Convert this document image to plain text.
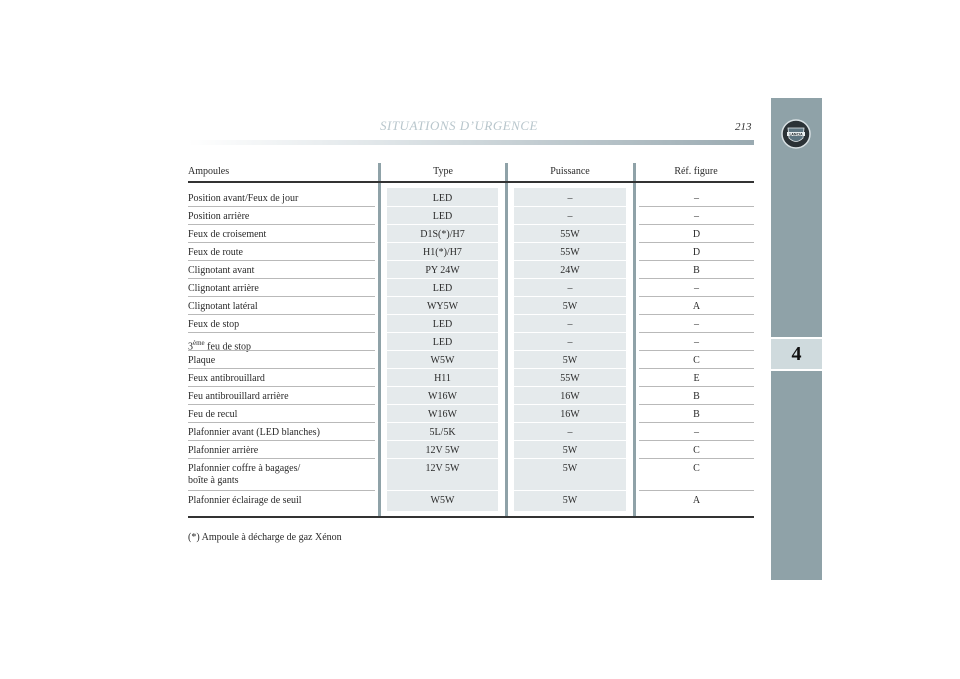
SITUATIONS D’URGENCE	213
LANCIA
4
Ampoules	Type	Puissance	Réf. figure
Position avant/Feux de jour	LED	–	–
Position arrière	LED	–	–
Feux de croisement	D1S(*)/H7	55W	D
Feux de route	H1(*)/H7	55W	D
Clignotant avant	PY 24W	24W	B
Clignotant arrière	LED	–	–
Clignotant latéral	WY5W	5W	A
Feux de stop	LED	–	–
3ème feu de stop	LED	–	–
Plaque	W5W	5W	C
Feux antibrouillard	H11	55W	E
Feu antibrouillard arrière	W16W	16W	B
Feu de recul	W16W	16W	B
Plafonnier avant (LED blanches)	5L/5K	–	–
Plafonnier arrière	12V 5W	5W	C
Plafonnier coffre à bagages/
boîte à gants
12V 5W	5W	C
Plafonnier éclairage de seuil	W5W	5W	A
(*) Ampoule à décharge de gaz Xénon
